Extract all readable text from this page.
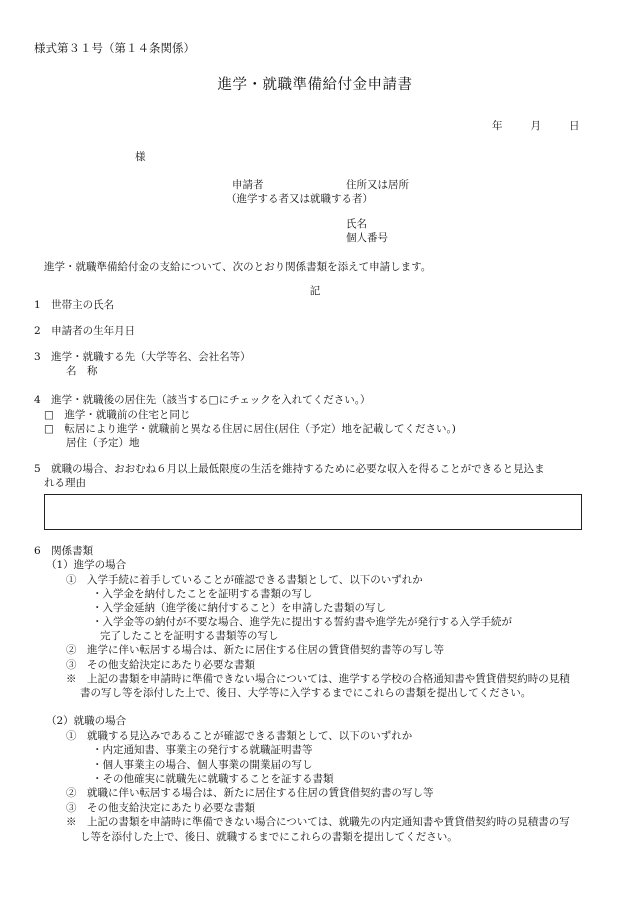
様式第３１号（第１４条関係）
進学・就職準備給付金申請書
年	月	日
様
申請者
（進学する者又は就職する者）
住所又は居所
氏名
個人番号
進学・就職準備給付金の支給について、次のとおり関係書類を添えて申請します。
記
1　世帯主の氏名
2　申請者の生年月日
3　進学・就職する先（大学等名、会社名等）
名　称
4　進学・就職後の居住先（該当する□にチェックを入れてください。）
□　進学・就職前の住宅と同じ
□　転居により進学・就職前と異なる住居に居住(居住（予定）地を記載してください。)
居住（予定）地
5　就職の場合、おおむね６月以上最低限度の生活を維持するために必要な収入を得ることができると見込ま
れる理由
6　関係書類
（1）進学の場合
①　入学手続に着手していることが確認できる書類として、以下のいずれか
・入学金を納付したことを証明する書類の写し
・入学金延納（進学後に納付すること）を申請した書類の写し
・入学金等の納付が不要な場合、進学先に提出する誓約書や進学先が発行する入学手続が
完了したことを証明する書類等の写し
②　進学に伴い転居する場合は、新たに居住する住居の賃貸借契約書等の写し等
③　その他支給決定にあたり必要な書類
※　上記の書類を申請時に準備できない場合については、進学する学校の合格通知書や賃貸借契約時の見積
書の写し等を添付した上で、後日、大学等に入学するまでにこれらの書類を提出してください。
（2）就職の場合
①　就職する見込みであることが確認できる書類として、以下のいずれか
・内定通知書、事業主の発行する就職証明書等
・個人事業主の場合、個人事業の開業届の写し
・その他確実に就職先に就職することを証する書類
②　就職に伴い転居する場合は、新たに居住する住居の賃貸借契約書の写し等
③　その他支給決定にあたり必要な書類
※　上記の書類を申請時に準備できない場合については、就職先の内定通知書や賃貸借契約時の見積書の写
し等を添付した上で、後日、就職するまでにこれらの書類を提出してください。
